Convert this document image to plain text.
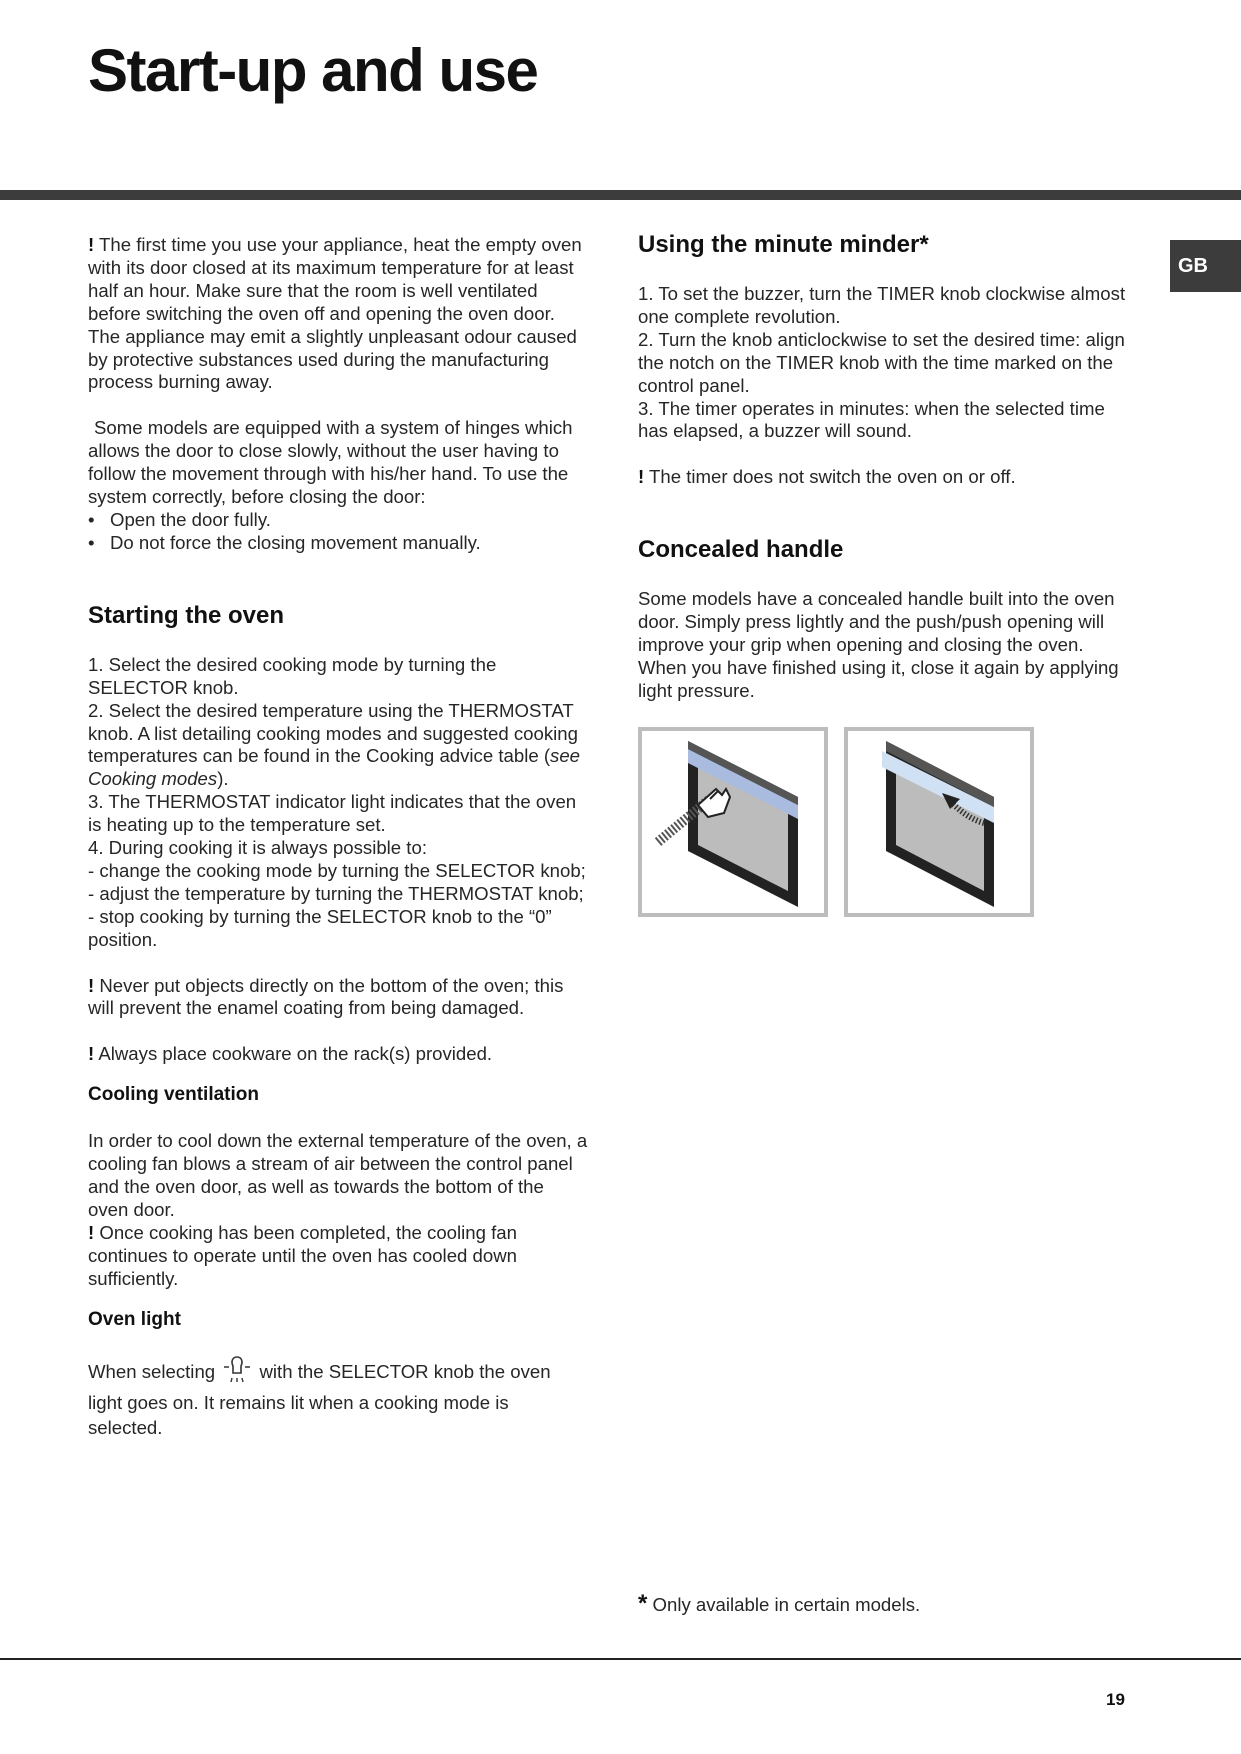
Start-up and use
GB

! The first time you use your appliance, heat the empty oven with its door closed at its maximum temperature for at least half an hour. Make sure that the room is well ventilated before switching the oven off and opening the oven door. The appliance may emit a slightly unpleasant odour caused by protective substances used during the manufacturing process burning away.

Some models are equipped with a system of hinges which allows the door to close slowly, without the user having to follow the movement through with his/her hand. To use the system correctly, before closing the door:

• Open the door fully.
• Do not force the closing movement manually.
Starting the oven

1. Select the desired cooking mode by turning the SELECTOR knob.

2. Select the desired temperature using the THERMOSTAT knob. A list detailing cooking modes and suggested cooking temperatures can be found in the Cooking advice table (see Cooking modes).

3. The THERMOSTAT indicator light indicates that the oven is heating up to the temperature set.

4. During cooking it is always possible to:

- change the cooking mode by turning the SELECTOR knob;

- adjust the temperature by turning the THERMOSTAT knob;

- stop cooking by turning the SELECTOR knob to the “0” position.

! Never put objects directly on the bottom of the oven; this will prevent the enamel coating from being damaged.

! Always place cookware on the rack(s) provided.

Cooling ventilation

In order to cool down the external temperature of the oven, a cooling fan blows a stream of air between the control panel and the oven door, as well as towards the bottom of the oven door.

! Once cooking has been completed, the cooling fan continues to operate until the oven has cooled down sufficiently.

Oven light

When selecting with the SELECTOR knob the oven light goes on. It remains lit when a cooking mode is selected.

Using the minute minder*

1. To set the buzzer, turn the TIMER knob clockwise almost one complete revolution.

2. Turn the knob anticlockwise to set the desired time: align the notch on the TIMER knob with the time marked on the control panel.

3. The timer operates in minutes: when the selected time has elapsed, a buzzer will sound.

! The timer does not switch the oven on or off.

Concealed handle

Some models have a concealed handle built into the oven door. Simply press lightly and the push/push opening will improve your grip when opening and closing the oven. When you have finished using it, close it again by applying light pressure.

* Only available in certain models.
19
